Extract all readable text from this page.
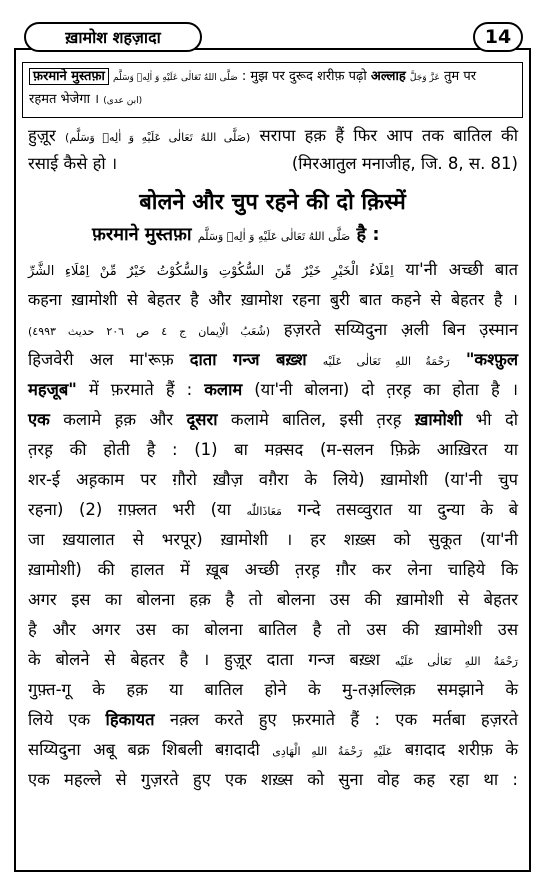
ख़ामोश शहज़ादा	14
फ़रमाने मुस्तफ़ा صَلَّى اللهُ تَعَالٰى عَلَيْهِ وَ اٰلِهٖ وَسَلَّم : मुझ पर दुरूद शरीफ़ पढ़ो अल्लाह عَزَّ وَجَلَّ तुम पर
रहमत भेजेगा । (ابن عدی)
हुज़ूर (صَلَّى اللهُ تَعَالٰى عَلَيْهِ وَ اٰلِهٖ وَسَلَّم) सरापा हक़ हैं फिर आप तक बातिल की
रसाई कैसे हो ।	(मिरआतुल मनाजीह, जि. 8, स. 81)
बोलने और चुप रहने की दो क़िस्में
फ़रमाने मुस्तफ़ा صَلَّى اللهُ تَعَالٰى عَلَيْهِ وَ اٰلِهٖ وَسَلَّم है :
اِمْلَاءُ الْخَيْرِ خَيْرٌ مِّنَ السُّكُوْتِ وَالسُّكُوْتُ خَيْرٌ مِّنْ اِمْلَاءِ الشَّرِّ या'नी अच्छी बात
कहना ख़ामोशी से बेहतर है और ख़ामोश रहना बुरी बात कहने से बेहतर है ।
(شُعَبُ الْاِيمان ج ٤ ص ٢٠٦ حديث ٤٩٩٣) हज़रते सय्यिदुना अ़ली बिन उ़स्मान
हिजवेरी अल मा'रूफ़ दाता गन्ज बख़्श رَحْمَةُ اللهِ تَعَالٰى عَلَيْه "कश्फ़ुल
महजूब" में फ़रमाते हैं : कलाम (या'नी बोलना) दो त़रह़ का होता है ।
एक कलामे ह़क़ और दूसरा कलामे बातिल, इसी त़रह़ ख़ामोशी भी दो
त़रह़ की होती है : (1) बा मक़्सद (म-सलन फ़िक्रे आख़िरत या
शर-ई अह़काम पर ग़ौरो ख़ौज़ वग़ैरा के लिये) ख़ामोशी (या'नी चुप
रहना) (2) ग़फ़्लत भरी (या مَعَاذَاللّٰه गन्दे तसव्वुरात या दुन्या के बे
जा ख़यालात से भरपूर) ख़ामोशी । हर शख़्स को सुकूत (या'नी
ख़ामोशी) की हालत में ख़ूब अच्छी त़रह़ ग़ौर कर लेना चाहिये कि
अगर इस का बोलना हक़ है तो बोलना उस की ख़ामोशी से बेहतर
है और अगर उस का बोलना बातिल है तो उस की ख़ामोशी उस
के बोलने से बेहतर है । हुज़ूर दाता गन्ज बख़्श رَحْمَةُ اللهِ تَعَالٰى عَلَيْه
गुफ़्त-गू के हक़ या बातिल होने के मु-तअ़ल्लिक़ समझाने के
लिये एक हिकायत नक़्ल करते हुए फ़रमाते हैं : एक मर्तबा हज़रते
सय्यिदुना अबू बक्र शिबली बग़दादी عَلَيْهِ رَحْمَةُ اللهِ الْهَادِى बग़दाद शरीफ़ के
एक महल्ले से गुज़रते हुए एक शख़्स को सुना वोह कह रहा था :
